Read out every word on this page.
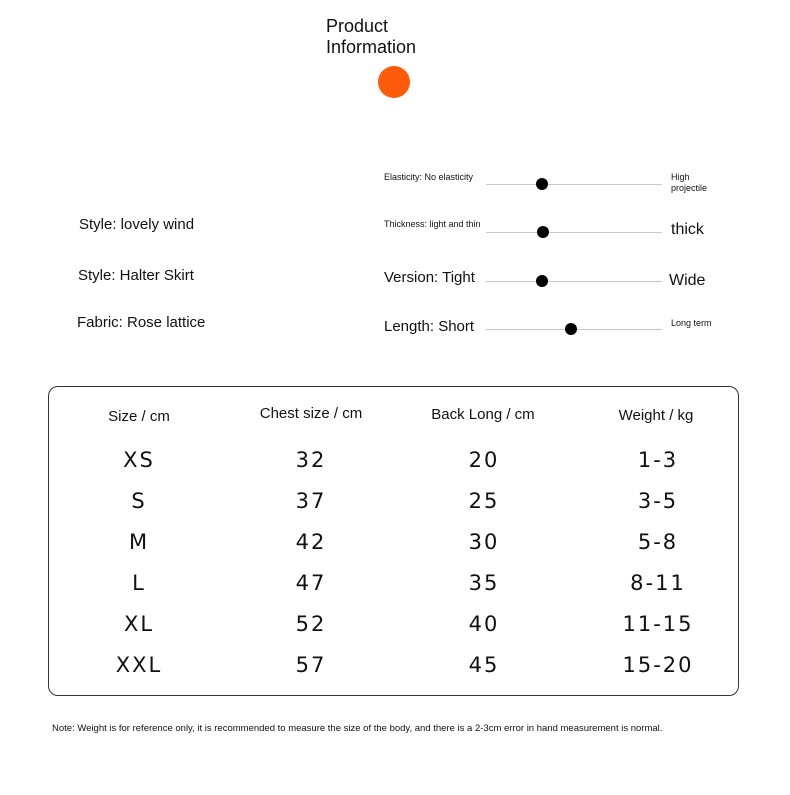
Product
Information
Style: lovely wind
Style: Halter Skirt
Fabric: Rose lattice
Elasticity: No elasticity	High
projectile
Thickness: light and thin	thick
Version: Tight	Wide
Length: Short	Long term
Size / cm	Chest size / cm	Back Long / cm	Weight / kg
XS	32	20	1-3
S	37	25	3-5
M	42	30	5-8
L	47	35	8-11
XL	52	40	11-15
XXL	57	45	15-20
Note: Weight is for reference only, it is recommended to measure the size of the body, and there is a 2-3cm error in hand measurement is normal.
